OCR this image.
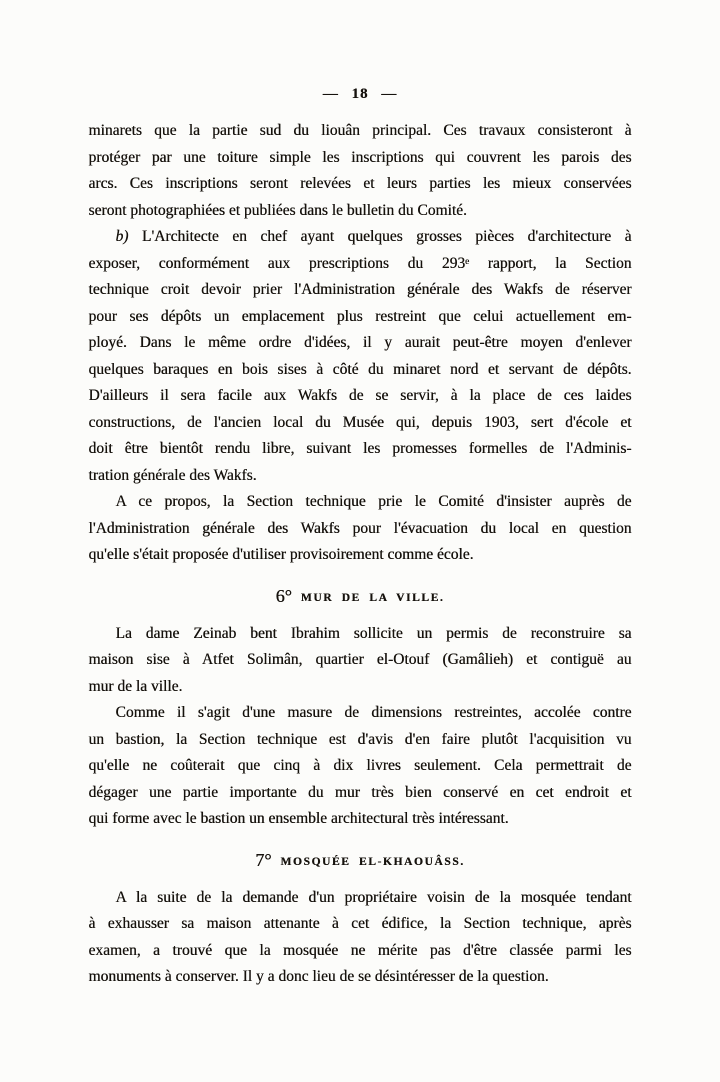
— 18 —
minarets que la partie sud du liouân principal. Ces travaux consisteront à
protéger par une toiture simple les inscriptions qui couvrent les parois des
arcs. Ces inscriptions seront relevées et leurs parties les mieux conservées
seront photographiées et publiées dans le bulletin du Comité.
b) L'Architecte en chef ayant quelques grosses pièces d'architecture à
exposer, conformément aux prescriptions du 293ᵉ rapport, la Section
technique croit devoir prier l'Administration générale des Wakfs de réserver
pour ses dépôts un emplacement plus restreint que celui actuellement em-
ployé. Dans le même ordre d'idées, il y aurait peut-être moyen d'enlever
quelques baraques en bois sises à côté du minaret nord et servant de dépôts.
D'ailleurs il sera facile aux Wakfs de se servir, à la place de ces laides
constructions, de l'ancien local du Musée qui, depuis 1903, sert d'école et
doit être bientôt rendu libre, suivant les promesses formelles de l'Adminis-
tration générale des Wakfs.
A ce propos, la Section technique prie le Comité d'insister auprès de
l'Administration générale des Wakfs pour l'évacuation du local en question
qu'elle s'était proposée d'utiliser provisoirement comme école.
6° MUR DE LA VILLE.
La dame Zeinab bent Ibrahim sollicite un permis de reconstruire sa
maison sise à Atfet Solimân, quartier el-Otouf (Gamâlieh) et contiguë au
mur de la ville.
Comme il s'agit d'une masure de dimensions restreintes, accolée contre
un bastion, la Section technique est d'avis d'en faire plutôt l'acquisition vu
qu'elle ne coûterait que cinq à dix livres seulement. Cela permettrait de
dégager une partie importante du mur très bien conservé en cet endroit et
qui forme avec le bastion un ensemble architectural très intéressant.
7° MOSQUÉE EL-KHAOUÂSS.
A la suite de la demande d'un propriétaire voisin de la mosquée tendant
à exhausser sa maison attenante à cet édifice, la Section technique, après
examen, a trouvé que la mosquée ne mérite pas d'être classée parmi les
monuments à conserver. Il y a donc lieu de se désintéresser de la question.
